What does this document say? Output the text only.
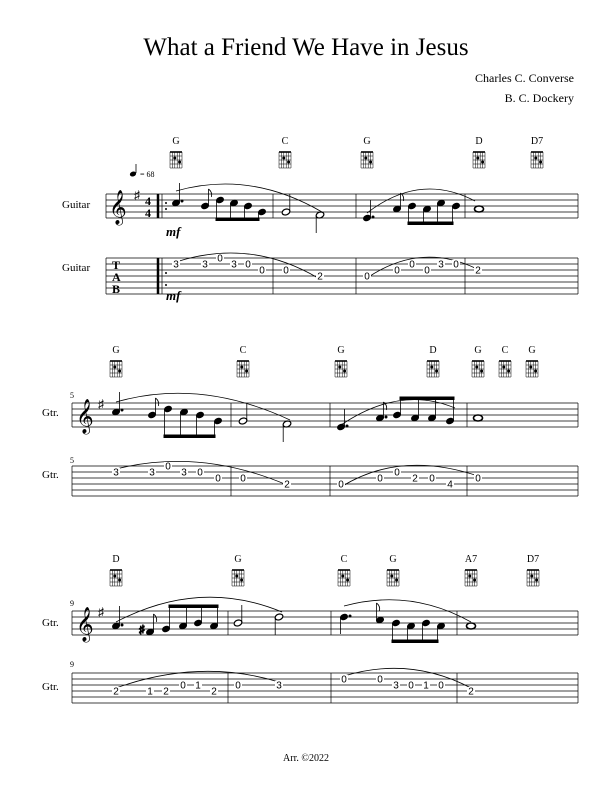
What a Friend We Have in Jesus
Charles C. Converse
B. C. Dockery
Arr. ©2022
Guitar
Guitar
= 68
𝄞 ♯ 4
4
mf
T
A
B	mf
G	C	G	D	D7
3 3
0
3 0
0 0
2	0
0
0
0
3 0
2
5
Gtr.
5
Gtr.
𝄞 ♯
G	C	G	D	G C G
3	3
0
3 0
0 0
2	0
0
0
2 0
4
0
9
Gtr.
9
Gtr.
𝄞 ♯
♯
D	G	C	G	A7	D7
2	1 2
0 1
2
0	3
0	0
3 0 1 0
2
